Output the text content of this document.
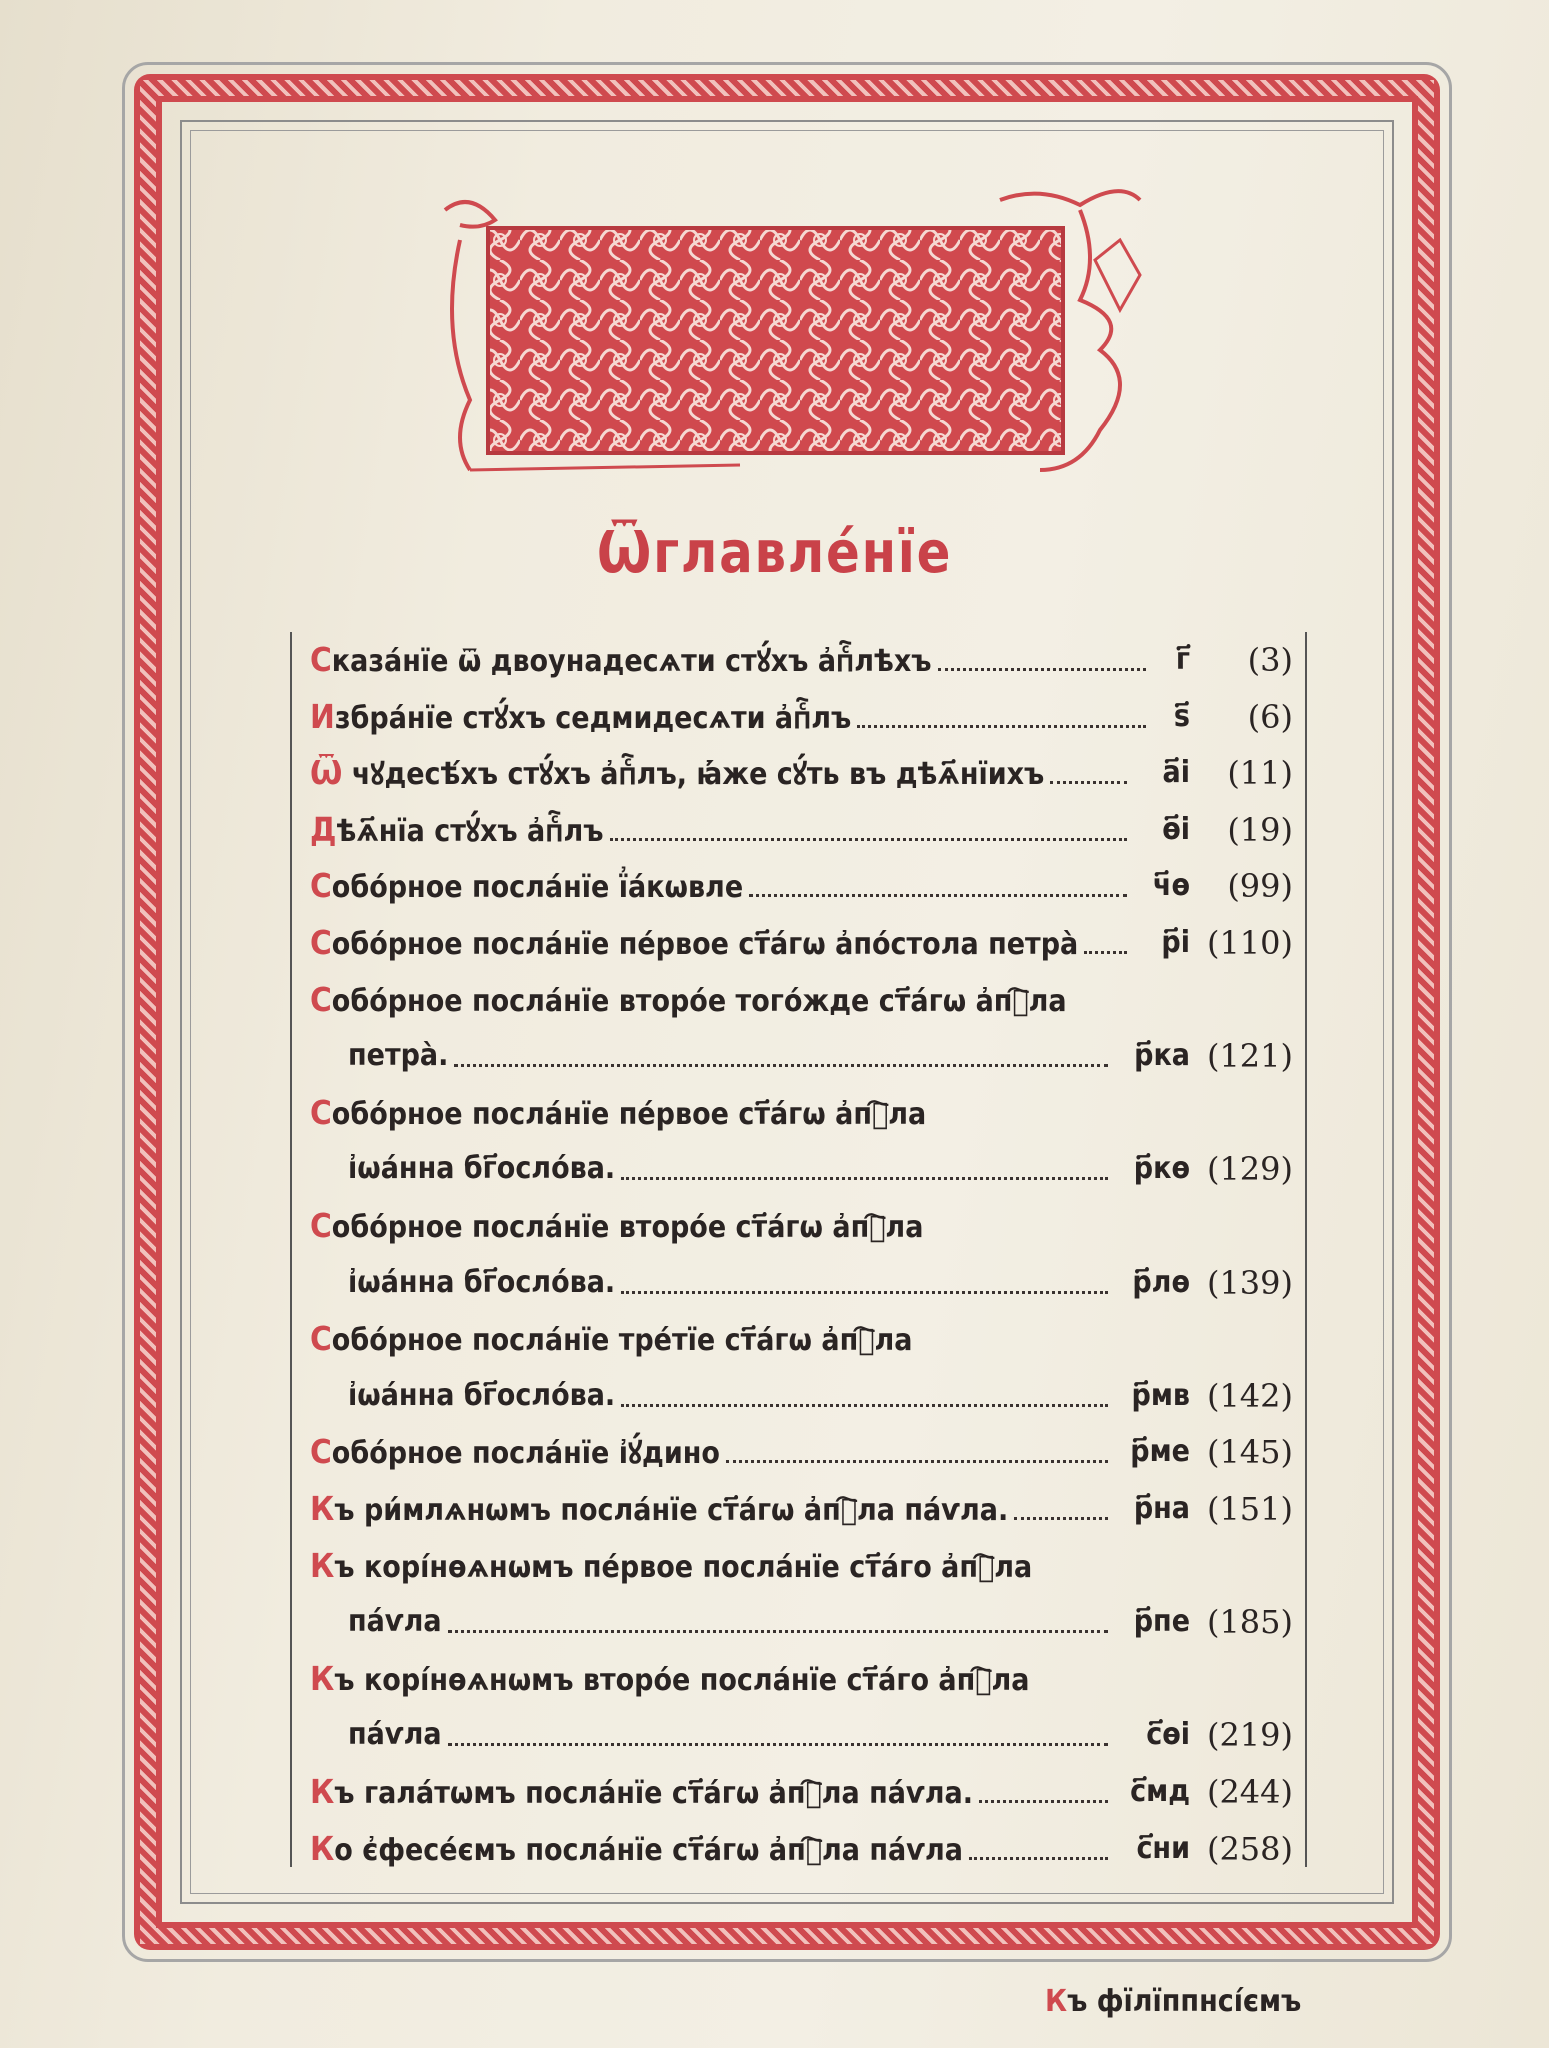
Ѿглавле́нїе
Сказа́нїе ѿ двоунадесѧти стꙋ́хъ а҆пⷭ҇лѣхъ	г҃	(3)
Избра́нїе стꙋ́хъ седмидесѧти а҆пⷭ҇лъ	ѕ҃	(6)
Ѿ чꙋдесѣ́хъ стꙋ́хъ а҆пⷭ҇лъ, ꙗ҆́же сꙋ́ть въ дѣѧ҃нїихъ	а҃і	(11)
Дѣѧ҃нїа стꙋ́хъ а҆пⷭ҇лъ	ѳ҃і	(19)
Собо́рное посла́нїе ї҆а́кѡвле	ч҃ѳ	(99)
Собо́рное посла́нїе пе́рвое ст҃а́гѡ а҆по́стола петра̀	р҃і (110)
Собо́рное посла́нїе второ́е того́жде ст҃а́гѡ а҆пⷭ҇ла
петра̀.	р҃ка (121)
Собо́рное посла́нїе пе́рвое ст҃а́гѡ а҆пⷭ҇ла
і҆ѡа́нна бг҃осло́ва.	р҃кѳ (129)
Собо́рное посла́нїе второ́е ст҃а́гѡ а҆пⷭ҇ла
і҆ѡа́нна бг҃осло́ва.	р҃лѳ (139)
Собо́рное посла́нїе тре́тїе ст҃а́гѡ а҆пⷭ҇ла
і҆ѡа́нна бг҃осло́ва.	р҃мв (142)
Собо́рное посла́нїе і҆ꙋ́дино	р҃ме (145)
Къ ри́млѧнѡмъ посла́нїе ст҃а́гѡ а҆пⷭ҇ла па́ѵла.	р҃на (151)
Къ корі́нѳѧнѡмъ пе́рвое посла́нїе ст҃а́го а҆пⷭ҇ла
па́ѵла	р҃пе (185)
Къ корі́нѳѧнѡмъ второ́е посла́нїе ст҃а́го а҆пⷭ҇ла
па́ѵла	с҃ѳі (219)
Къ гала́тѡмъ посла́нїе ст҃а́гѡ а҆пⷭ҇ла па́ѵла.	с҃мд (244)
Ко є҆фесе́ємъ посла́нїе ст҃а́гѡ а҆пⷭ҇ла па́ѵла	с҃ни (258)
Къ фїлїппнсі́ємъ
